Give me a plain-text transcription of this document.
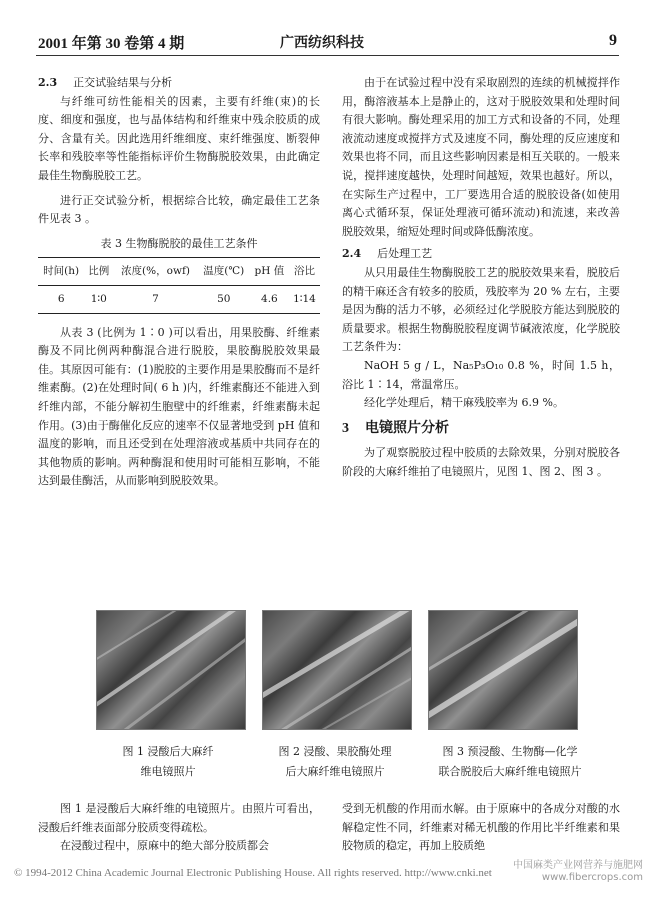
2001 年第 30 卷第 4 期	广西纺织科技	9

2.3 正交试验结果与分析

与纤维可纺性能相关的因素，主要有纤维(束)的长度、细度和强度，也与晶体结构和纤维束中残余胶质的成分、含量有关。因此选用纤维细度、束纤维强度、断裂伸长率和残胶率等性能指标评价生物酶脱胶效果，由此确定最佳生物酶脱胶工艺。

进行正交试验分析，根据综合比较，确定最佳工艺条件见表 3 。

表 3 生物酶脱胶的最佳工艺条件

时间(h)	比例	浓度(%，owf)	温度(℃)	pH 值	浴比
6	1∶0	7	50	4.6	1∶14

从表 3 (比例为 1∶0 )可以看出，用果胶酶、纤维素酶及不同比例两种酶混合进行脱胶，果胶酶脱胶效果最佳。其原因可能有：(1)脱胶的主要作用是果胶酶而不是纤维素酶。(2)在处理时间( 6 h )内，纤维素酶还不能进入到纤维内部，不能分解初生胞壁中的纤维素，纤维素酶未起作用。(3)由于酶催化反应的速率不仅显著地受到 pH 值和温度的影响，而且还受到在处理溶液或基质中共同存在的其他物质的影响。两种酶混和使用时可能相互影响，不能达到最佳酶活，从而影响到脱胶效果。

由于在试验过程中没有采取剧烈的连续的机械搅拌作用，酶溶液基本上是静止的，这对于脱胶效果和处理时间有很大影响。酶处理采用的加工方式和设备的不同，处理液流动速度或搅拌方式及速度不同，酶处理的反应速度和效果也将不同，而且这些影响因素是相互关联的。一般来说，搅拌速度越快，处理时间越短，效果也越好。所以，在实际生产过程中，工厂要选用合适的脱胶设备(如使用离心式循环泵，保证处理液可循环流动)和流速，来改善脱胶效果，缩短处理时间或降低酶浓度。

2.4 后处理工艺

从只用最佳生物酶脱胶工艺的脱胶效果来看，脱胶后的精干麻还含有较多的胶质，残胶率为 20 % 左右，主要是因为酶的活力不够，必须经过化学脱胶方能达到脱胶的质量要求。根据生物酶脱胶程度调节碱液浓度，化学脱胶工艺条件为：

NaOH 5 g / L，Na₅P₃O₁₀ 0.8 %，时间 1.5 h，浴比 1∶14，常温常压。

经化学处理后，精干麻残胶率为 6.9 %。

3 电镜照片分析

为了观察脱胶过程中胶质的去除效果，分别对脱胶各阶段的大麻纤维拍了电镜照片，见图 1、图 2、图 3 。

图 1 浸酸后大麻纤
维电镜照片
图 2 浸酸、果胶酶处理
后大麻纤维电镜照片
图 3 预浸酸、生物酶—化学
联合脱胶后大麻纤维电镜照片

图 1 是浸酸后大麻纤维的电镜照片。由照片可看出，浸酸后纤维表面部分胶质变得疏松。

在浸酸过程中，原麻中的绝大部分胶质都会

受到无机酸的作用而水解。由于原麻中的各成分对酸的水解稳定性不同，纤维素对稀无机酸的作用比半纤维素和果胶物质的稳定，再加上胶质绝

© 1994-2012 China Academic Journal Electronic Publishing House. All rights reserved. http://www.cnki.net
中国麻类产业网营养与施肥网
www.fibercrops.com
